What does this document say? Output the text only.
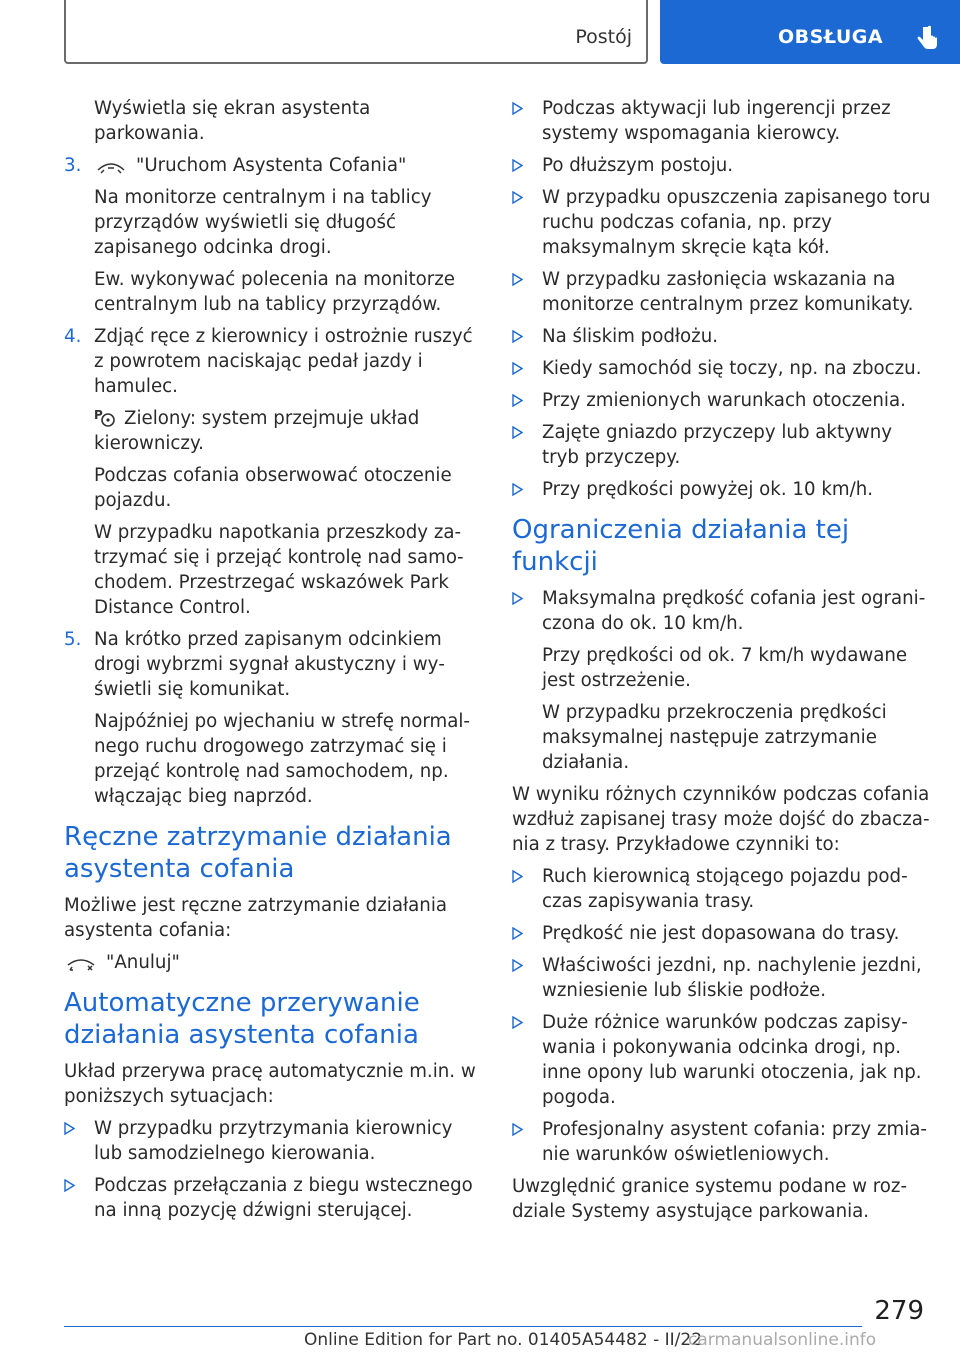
Postój	OBSŁUGA

Wyświetla się ekran asystenta parkowania.

3.	"Uruchom Asystenta Cofania"

Na monitorze centralnym i na tablicy przyrządów wyświetli się długość zapisanego odcinka drogi.

Ew. wykonywać polecenia na monitorze centralnym lub na tablicy przyrządów.

4. Zdjąć ręce z kierownicy i ostrożnie ruszyć z powrotem naciskając pedał jazdy i hamulec.

P Zielony: system przejmuje układ kierowniczy.

Podczas cofania obserwować otoczenie pojazdu.

W przypadku napotkania przeszkody zatrzymać się i przejąć kontrolę nad samochodem. Przestrzegać wskazówek Park Distance Control.

5. Na krótko przed zapisanym odcinkiem drogi wybrzmi sygnał akustyczny i wyświetli się komunikat.

Najpóźniej po wjechaniu w strefę normalnego ruchu drogowego zatrzymać się i przejąć kontrolę nad samochodem, np. włączając bieg naprzód.

Ręczne zatrzymanie działania asystenta cofania

Możliwe jest ręczne zatrzymanie działania asystenta cofania:

"Anuluj"

Automatyczne przerywanie działania asystenta cofania

Układ przerywa pracę automatycznie m.in. w poniższych sytuacjach:

W przypadku przytrzymania kierownicy lub samodzielnego kierowania.
Podczas przełączania z biegu wstecznego na inną pozycję dźwigni sterującej.
Podczas aktywacji lub ingerencji przez systemy wspomagania kierowcy.
Po dłuższym postoju.
W przypadku opuszczenia zapisanego toru ruchu podczas cofania, np. przy maksymalnym skręcie kąta kół.
W przypadku zasłonięcia wskazania na monitorze centralnym przez komunikaty.
Na śliskim podłożu.
Kiedy samochód się toczy, np. na zboczu.
Przy zmienionych warunkach otoczenia.
Zajęte gniazdo przyczepy lub aktywny tryb przyczepy.
Przy prędkości powyżej ok. 10 km/h.
Ograniczenia działania tej funkcji
Maksymalna prędkość cofania jest ograniczona do ok. 10 km/h.

Przy prędkości od ok. 7 km/h wydawane jest ostrzeżenie.

W przypadku przekroczenia prędkości maksymalnej następuje zatrzymanie działania.

W wyniku różnych czynników podczas cofania wzdłuż zapisanej trasy może dojść do zbaczania z trasy. Przykładowe czynniki to:

Ruch kierownicą stojącego pojazdu podczas zapisywania trasy.
Prędkość nie jest dopasowana do trasy.
Właściwości jezdni, np. nachylenie jezdni, wzniesienie lub śliskie podłoże.
Duże różnice warunków podczas zapisywania i pokonywania odcinka drogi, np. inne opony lub warunki otoczenia, jak np. pogoda.
Profesjonalny asystent cofania: przy zmianie warunków oświetleniowych.

Uwzględnić granice systemu podane w rozdziale Systemy asystujące parkowania.

279
Online Edition for Part no. 01405A54482 - II/22
carmanualsonline.info
